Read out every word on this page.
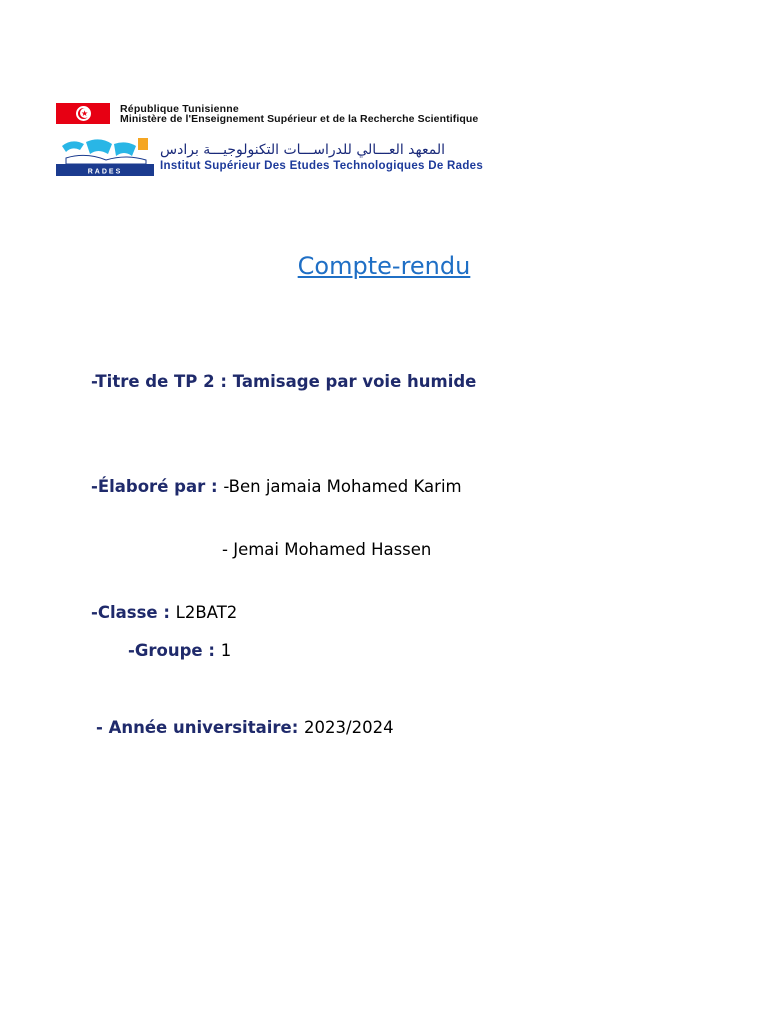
★	République Tunisienne
Ministère de l'Enseignement Supérieur et de la Recherche Scientifique
RADES
المعهد العـــالي للدراســـات التكنولوجيـــة برادس
Institut Supérieur Des Etudes Technologiques De Rades
Compte-rendu
-Titre de TP 2 : Tamisage par voie humide
-Élaboré par : -Ben jamaia Mohamed Karim
- Jemai Mohamed Hassen
-Classe : L2BAT2
-Groupe : 1
- Année universitaire: 2023/2024
